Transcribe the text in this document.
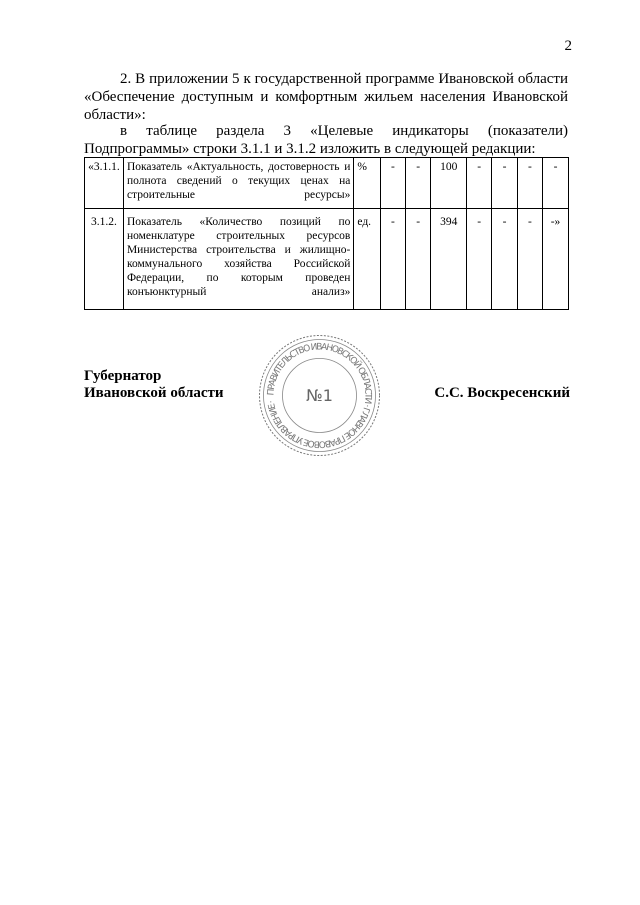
2
2. В приложении 5 к государственной программе Ивановской области «Обеспечение доступным и комфортным жильем населения Ивановской области»:
в таблице раздела 3 «Целевые индикаторы (показатели) Подпрограммы» строки 3.1.1 и 3.1.2 изложить в следующей редакции:
«3.1.1.	Показатель «Актуальность, достоверность и полнота сведений о текущих ценах на строительные ресурсы»	%	-	-	100	-	-	-	-
3.1.2.	Показатель «Количество позиций по номенклатуре строительных ресурсов Министерства строительства и жилищно-коммунального хозяйства Российской Федерации, по которым проведен конъюнктурный анализ»	ед.	-	-	394	-	-	-	-»
Губернатор
Ивановской области	С.С. Воскресенский
ПРАВИТЕЛЬСТВО ИВАНОВСКОЙ ОБЛАСТИ · ГЛАВНОЕ ПРАВОВОЕ УПРАВЛЕНИЕ ·	№1
